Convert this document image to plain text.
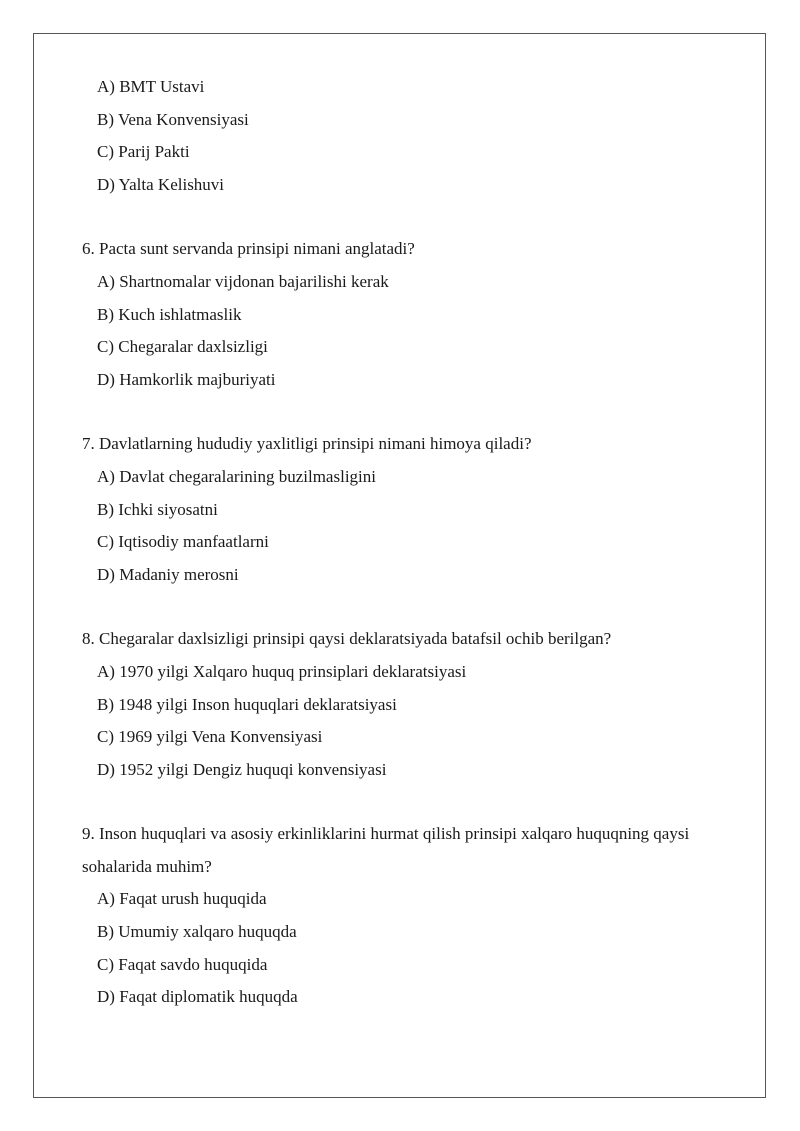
A) BMT Ustavi
B) Vena Konvensiyasi
C) Parij Pakti
D) Yalta Kelishuvi
6. Pacta sunt servanda prinsipi nimani anglatadi?
A) Shartnomalar vijdonan bajarilishi kerak
B) Kuch ishlatmaslik
C) Chegaralar daxlsizligi
D) Hamkorlik majburiyati
7. Davlatlarning hududiy yaxlitligi prinsipi nimani himoya qiladi?
A) Davlat chegaralarining buzilmasligini
B) Ichki siyosatni
C) Iqtisodiy manfaatlarni
D) Madaniy merosni
8. Chegaralar daxlsizligi prinsipi qaysi deklaratsiyada batafsil ochib berilgan?
A) 1970 yilgi Xalqaro huquq prinsiplari deklaratsiyasi
B) 1948 yilgi Inson huquqlari deklaratsiyasi
C) 1969 yilgi Vena Konvensiyasi
D) 1952 yilgi Dengiz huquqi konvensiyasi
9. Inson huquqlari va asosiy erkinliklarini hurmat qilish prinsipi xalqaro huquqning qaysi sohalarida muhim?
A) Faqat urush huquqida
B) Umumiy xalqaro huquqda
C) Faqat savdo huquqida
D) Faqat diplomatik huquqda
